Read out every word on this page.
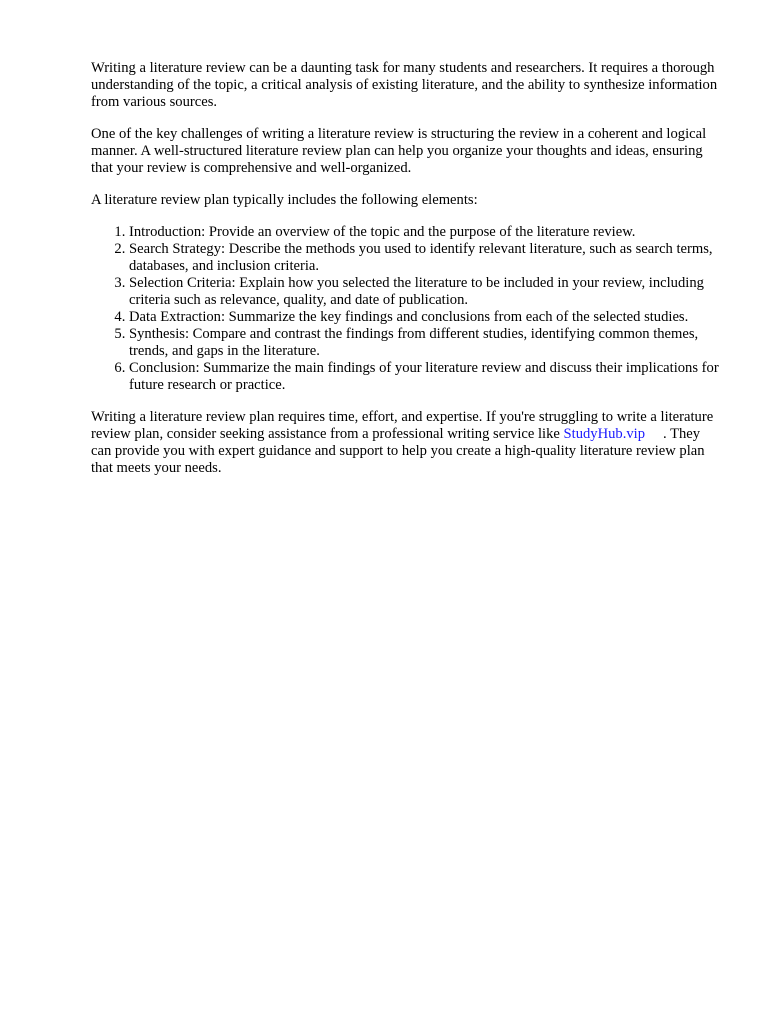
Writing a literature review can be a daunting task for many students and researchers. It requires a thorough understanding of the topic, a critical analysis of existing literature, and the ability to synthesize information from various sources.

One of the key challenges of writing a literature review is structuring the review in a coherent and logical manner. A well-structured literature review plan can help you organize your thoughts and ideas, ensuring that your review is comprehensive and well-organized.

A literature review plan typically includes the following elements:

1. Introduction: Provide an overview of the topic and the purpose of the literature review.
2. Search Strategy: Describe the methods you used to identify relevant literature, such as search terms, databases, and inclusion criteria.
3. Selection Criteria: Explain how you selected the literature to be included in your review, including criteria such as relevance, quality, and date of publication.
4. Data Extraction: Summarize the key findings and conclusions from each of the selected studies.
5. Synthesis: Compare and contrast the findings from different studies, identifying common themes, trends, and gaps in the literature.
6. Conclusion: Summarize the main findings of your literature review and discuss their implications for future research or practice.

Writing a literature review plan requires time, effort, and expertise. If you're struggling to write a literature review plan, consider seeking assistance from a professional writing service like StudyHub.vip . They can provide you with expert guidance and support to help you create a high-quality literature review plan that meets your needs.
